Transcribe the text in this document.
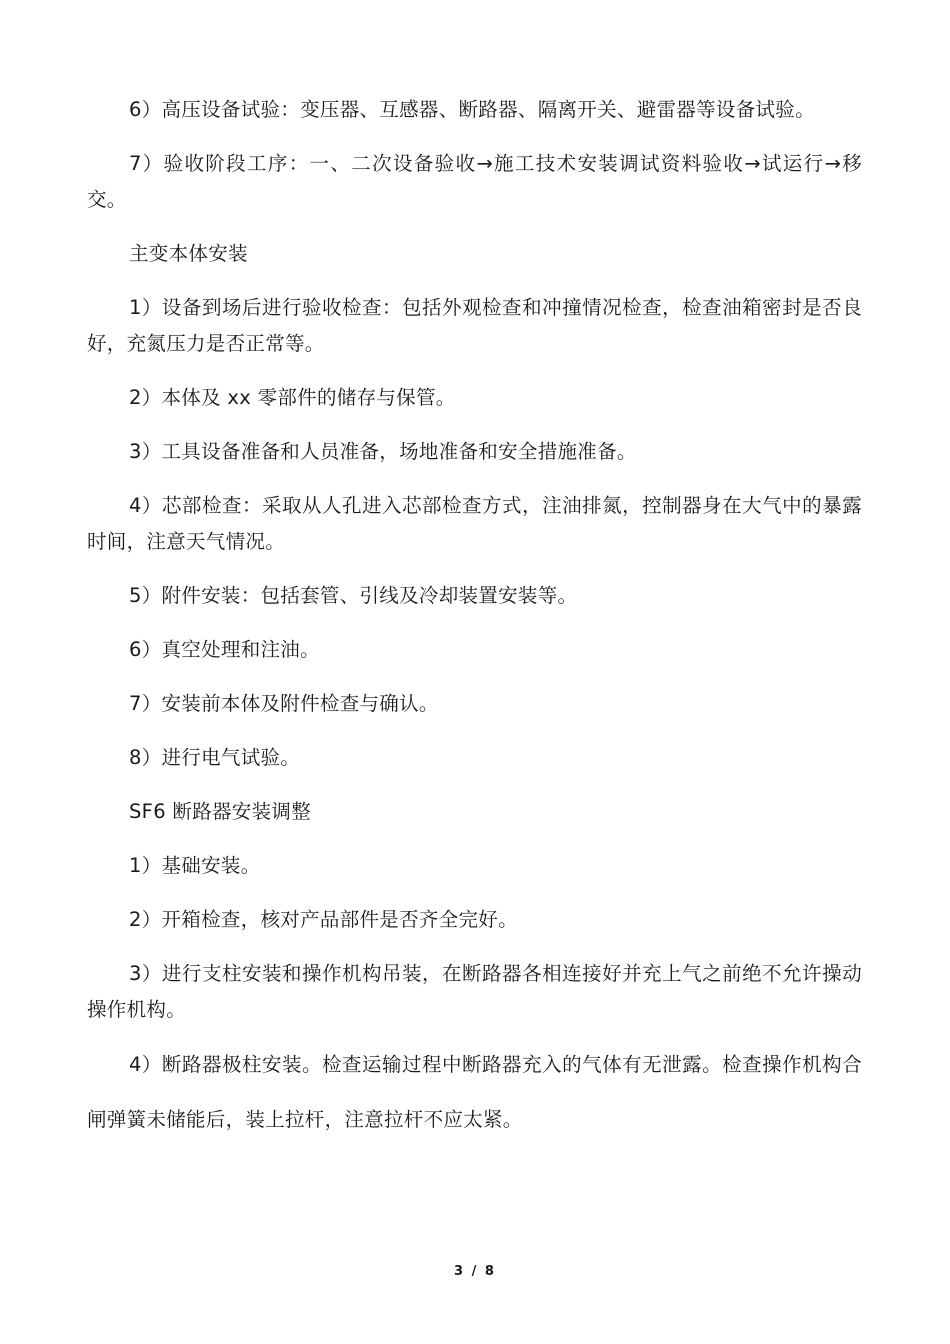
6）高压设备试验：变压器、互感器、断路器、隔离开关、避雷器等设备试验。

7）验收阶段工序：一、二次设备验收→施工技术安装调试资料验收→试运行→移交。

主变本体安装

1）设备到场后进行验收检查：包括外观检查和冲撞情况检查，检查油箱密封是否良好，充氮压力是否正常等。

2）本体及 xx 零部件的储存与保管。

3）工具设备准备和人员准备，场地准备和安全措施准备。

4）芯部检查：采取从人孔进入芯部检查方式，注油排氮，控制器身在大气中的暴露时间，注意天气情况。

5）附件安装：包括套管、引线及冷却装置安装等。

6）真空处理和注油。

7）安装前本体及附件检查与确认。

8）进行电气试验。

SF6 断路器安装调整

1）基础安装。

2）开箱检查，核对产品部件是否齐全完好。

3）进行支柱安装和操作机构吊装，在断路器各相连接好并充上气之前绝不允许操动操作机构。

4）断路器极柱安装。检查运输过程中断路器充入的气体有无泄露。检查操作机构合闸弹簧未储能后，装上拉杆，注意拉杆不应太紧。

3 / 8
